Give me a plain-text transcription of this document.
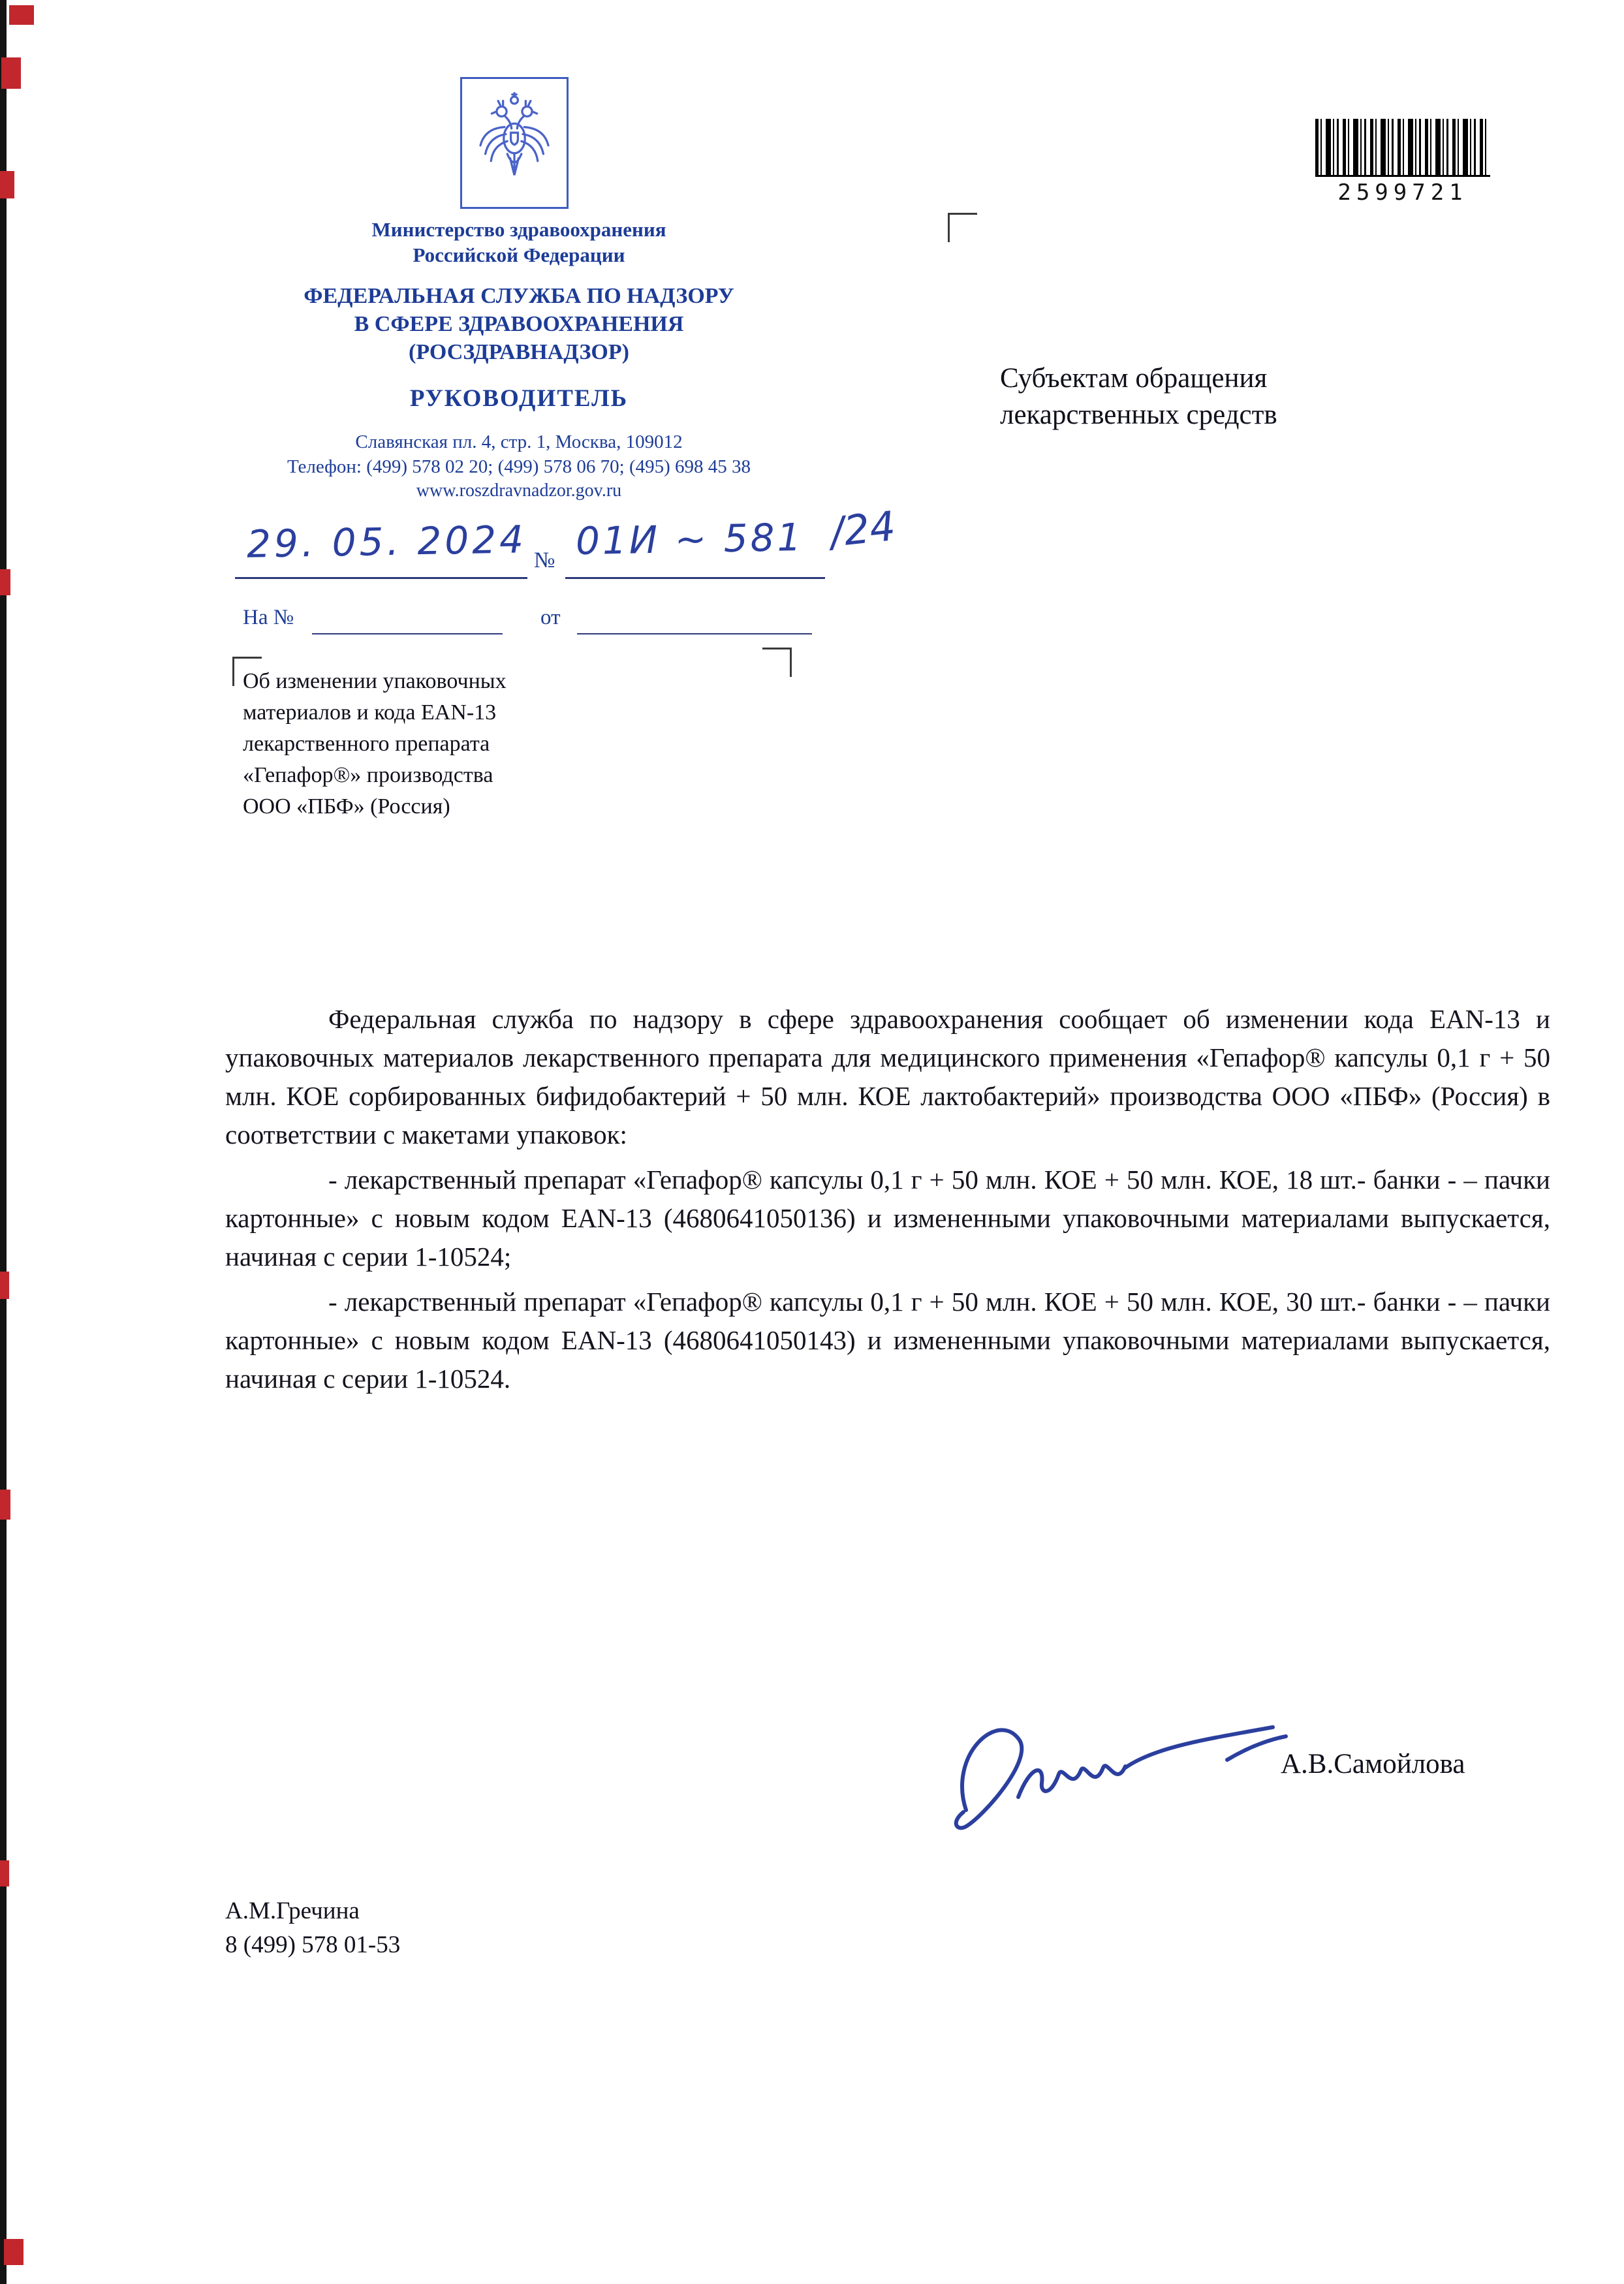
Министерство здравоохранения
Российской Федерации
ФЕДЕРАЛЬНАЯ СЛУЖБА ПО НАДЗОРУ
В СФЕРЕ ЗДРАВООХРАНЕНИЯ
(РОСЗДРАВНАДЗОР)
РУКОВОДИТЕЛЬ
Славянская пл. 4, стр. 1, Москва, 109012
Телефон: (499) 578 02 20; (499) 578 06 70; (495) 698 45 38
www.roszdravnadzor.gov.ru
29. 05. 2024 № 01И ~ 581 /24
На №	от
Субъектам обращения
лекарственных средств
2599721
Об изменении упаковочных
материалов и кода EAN-13
лекарственного препарата
«Гепафор®» производства
ООО «ПБФ» (Россия)

Федеральная служба по надзору в сфере здравоохранения сообщает об изменении кода EAN-13 и упаковочных материалов лекарственного препарата для медицинского применения «Гепафор® капсулы 0,1 г + 50 млн. КОЕ сорбированных бифидобактерий + 50 млн. КОЕ лактобактерий» производства ООО «ПБФ» (Россия) в соответствии с макетами упаковок:

- лекарственный препарат «Гепафор® капсулы 0,1 г + 50 млн. КОЕ + 50 млн. КОЕ, 18 шт.- банки - – пачки картонные» с новым кодом EAN-13 (4680641050136) и измененными упаковочными материалами выпускается, начиная с серии 1-10524;

- лекарственный препарат «Гепафор® капсулы 0,1 г + 50 млн. КОЕ + 50 млн. КОЕ, 30 шт.- банки - – пачки картонные» с новым кодом EAN-13 (4680641050143) и измененными упаковочными материалами выпускается, начиная с серии 1-10524.

А.В.Самойлова
А.М.Гречина
8 (499) 578 01-53
